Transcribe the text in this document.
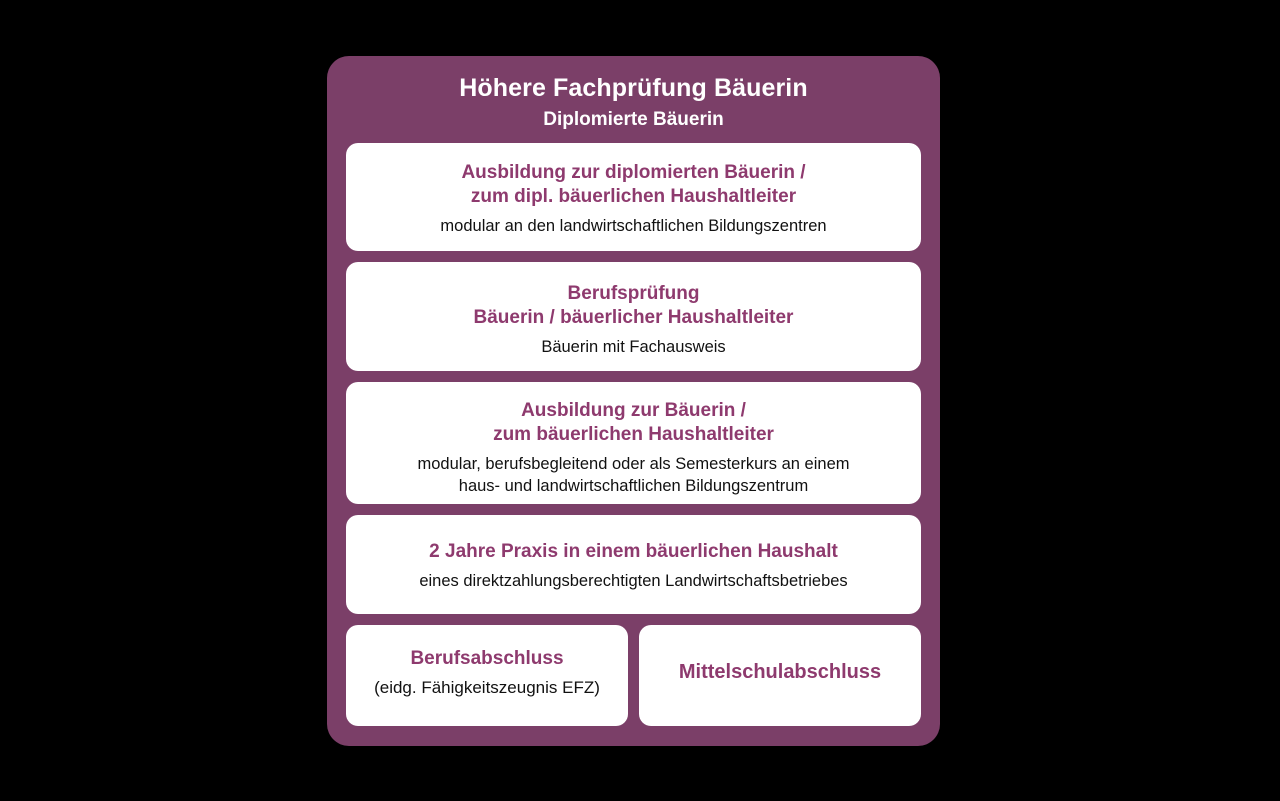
Höhere Fachprüfung Bäuerin
Diplomierte Bäuerin
Ausbildung zur diplomierten Bäuerin /
zum dipl. bäuerlichen Haushaltleiter
modular an den landwirtschaftlichen Bildungszentren
Berufsprüfung
Bäuerin / bäuerlicher Haushaltleiter
Bäuerin mit Fachausweis
Ausbildung zur Bäuerin /
zum bäuerlichen Haushaltleiter
modular, berufsbegleitend oder als Semesterkurs an einem
haus- und landwirtschaftlichen Bildungszentrum
2 Jahre Praxis in einem bäuerlichen Haushalt
eines direktzahlungsberechtigten Landwirtschaftsbetriebes
Berufsabschluss
(eidg. Fähigkeitszeugnis EFZ)
Mittelschulabschluss
